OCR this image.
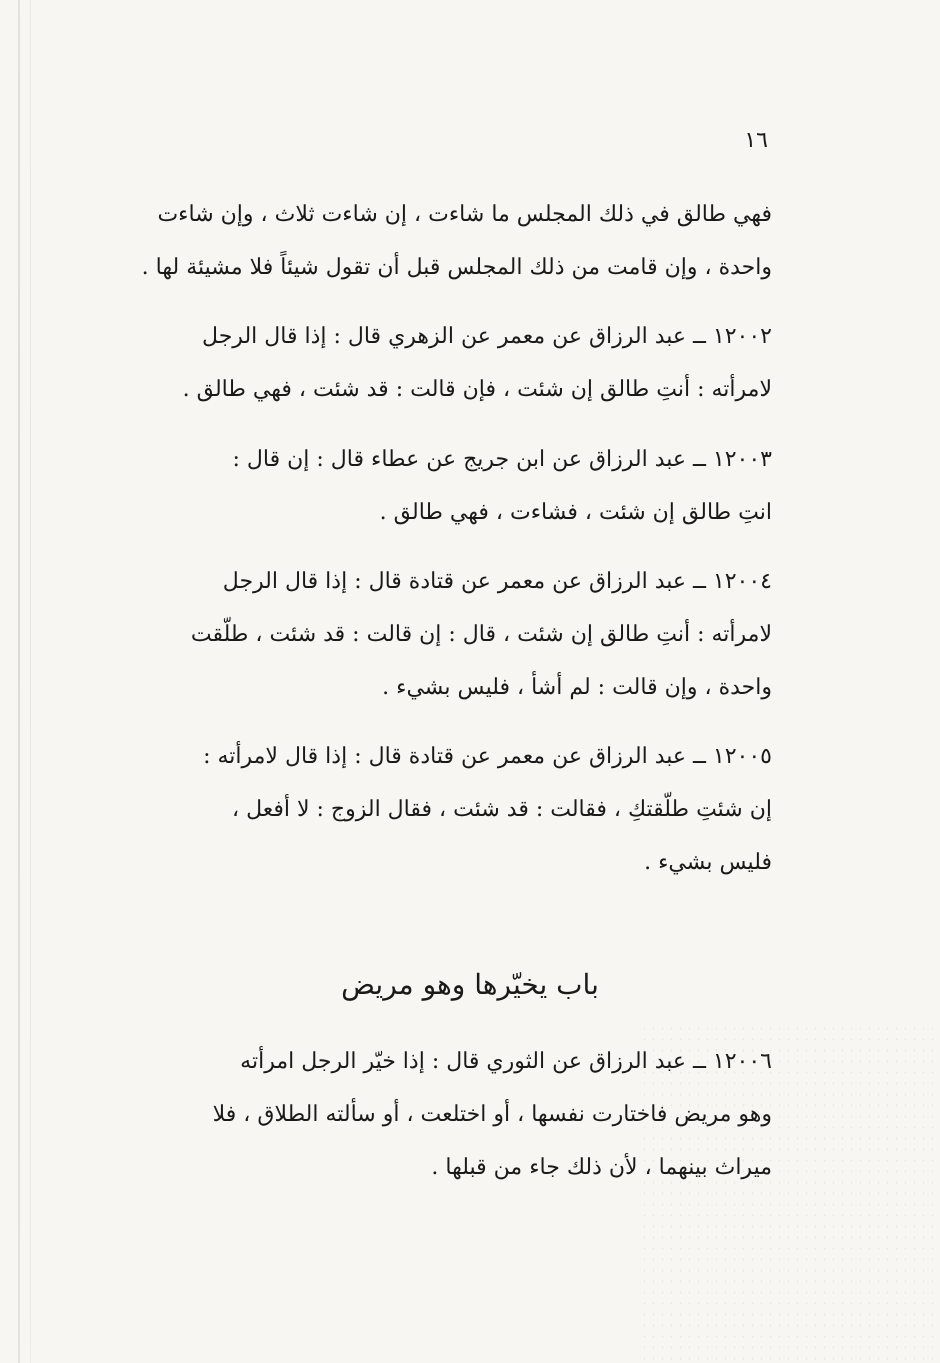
١٦
فهي طالق في ذلك المجلس ما شاءت ، إن شاءت ثلاث ، وإن شاءت
واحدة ، وإن قامت من ذلك المجلس قبل أن تقول شيئاً فلا مشيئة لها .
١٢٠٠٢ ــ عبد الرزاق عن معمر عن الزهري قال : إذا قال الرجل
لامرأته : أنتِ طالق إن شئت ، فإن قالت : قد شئت ، فهي طالق .
١٢٠٠٣ ــ عبد الرزاق عن ابن جريج عن عطاء قال : إن قال :
انتِ طالق إن شئت ، فشاءت ، فهي طالق .
١٢٠٠٤ ــ عبد الرزاق عن معمر عن قتادة قال : إذا قال الرجل
لامرأته : أنتِ طالق إن شئت ، قال : إن قالت : قد شئت ، طلّقت
واحدة ، وإن قالت : لم أشأ ، فليس بشيء .
١٢٠٠٥ ــ عبد الرزاق عن معمر عن قتادة قال : إذا قال لامرأته :
إن شئتِ طلّقتكِ ، فقالت : قد شئت ، فقال الزوج : لا أفعل ،
فليس بشيء .
باب يخيّرها وهو مريض
١٢٠٠٦ ــ عبد الرزاق عن الثوري قال : إذا خيّر الرجل امرأته
وهو مريض فاختارت نفسها ، أو اختلعت ، أو سألته الطلاق ، فلا
ميراث بينهما ، لأن ذلك جاء من قبلها .
